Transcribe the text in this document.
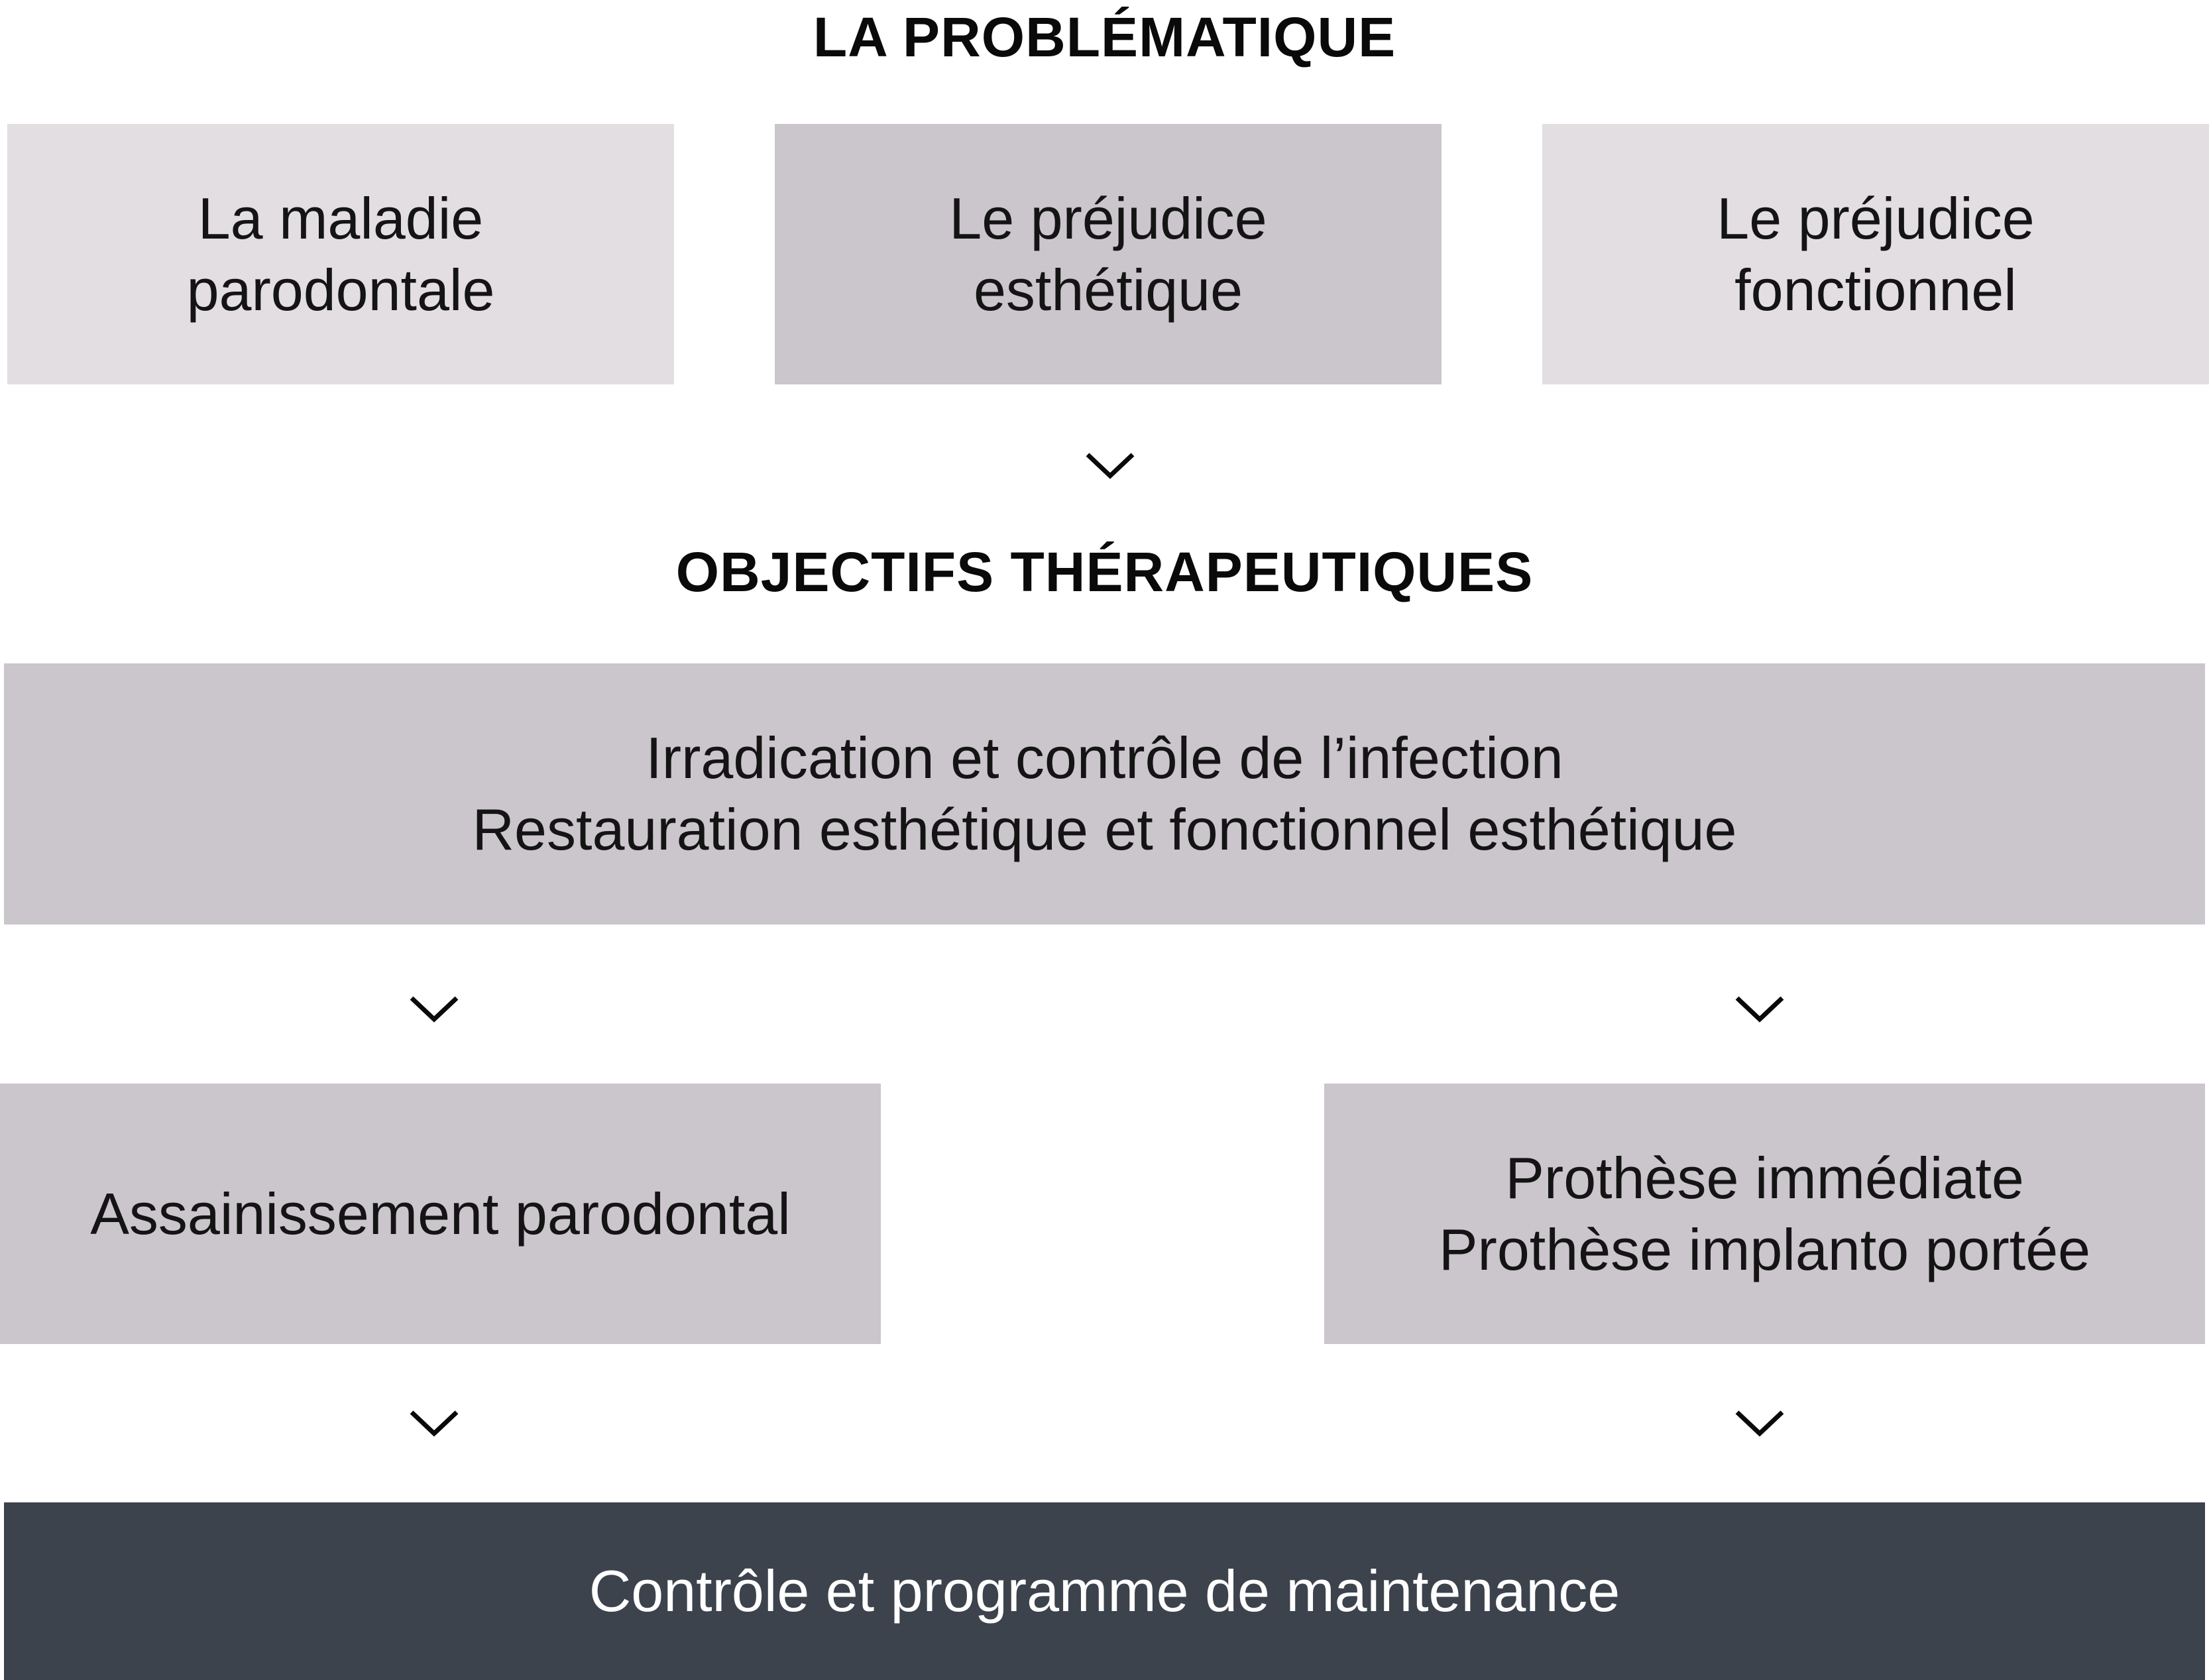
LA PROBLÉMATIQUE
La maladie
parodontale
Le préjudice
esthétique
Le préjudice
fonctionnel
OBJECTIFS THÉRAPEUTIQUES
Irradication et contrôle de l’infection
Restauration esthétique et fonctionnel esthétique
Assainissement parodontal
Prothèse immédiate
Prothèse implanto portée
Contrôle et programme de maintenance
